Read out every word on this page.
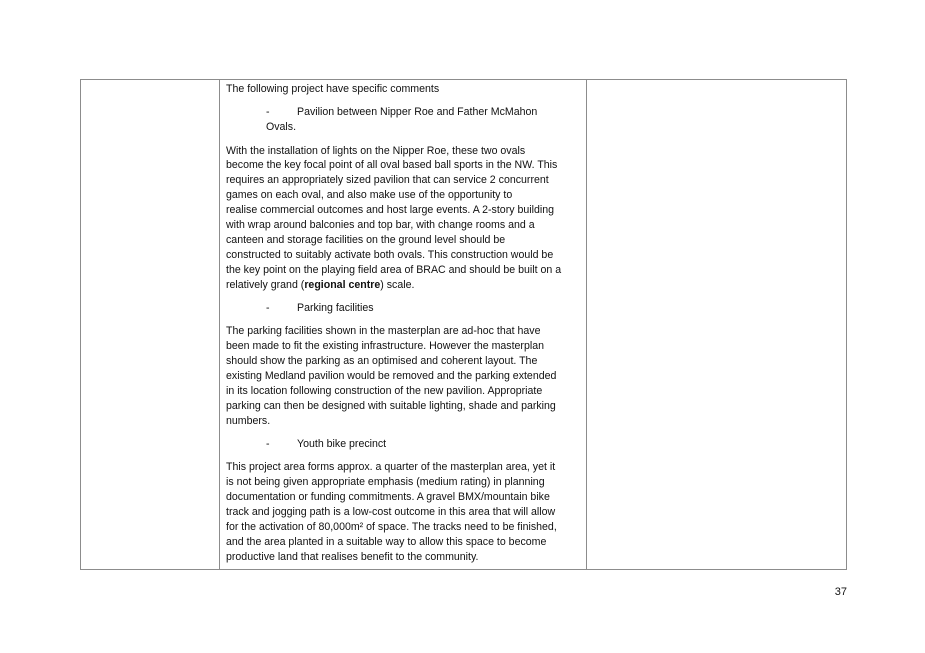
The following project have specific comments

-	Pavilion between Nipper Roe and Father McMahon
Ovals.
With the installation of lights on the Nipper Roe, these two ovals
become the key focal point of all oval based ball sports in the NW. This
requires an appropriately sized pavilion that can service 2 concurrent
games on each oval, and also make use of the opportunity to
realise commercial outcomes and host large events. A 2-story building
with wrap around balconies and top bar, with change rooms and a
canteen and storage facilities on the ground level should be
constructed to suitably activate both ovals. This construction would be
the key point on the playing field area of BRAC and should be built on a
relatively grand (regional centre) scale.
-	Parking facilities
The parking facilities shown in the masterplan are ad-hoc that have
been made to fit the existing infrastructure. However the masterplan
should show the parking as an optimised and coherent layout. The
existing Medland pavilion would be removed and the parking extended
in its location following construction of the new pavilion. Appropriate
parking can then be designed with suitable lighting, shade and parking
numbers.
-	Youth bike precinct
This project area forms approx. a quarter of the masterplan area, yet it
is not being given appropriate emphasis (medium rating) in planning
documentation or funding commitments. A gravel BMX/mountain bike
track and jogging path is a low-cost outcome in this area that will allow
for the activation of 80,000m² of space. The tracks need to be finished,
and the area planted in a suitable way to allow this space to become
productive land that realises benefit to the community.
37
